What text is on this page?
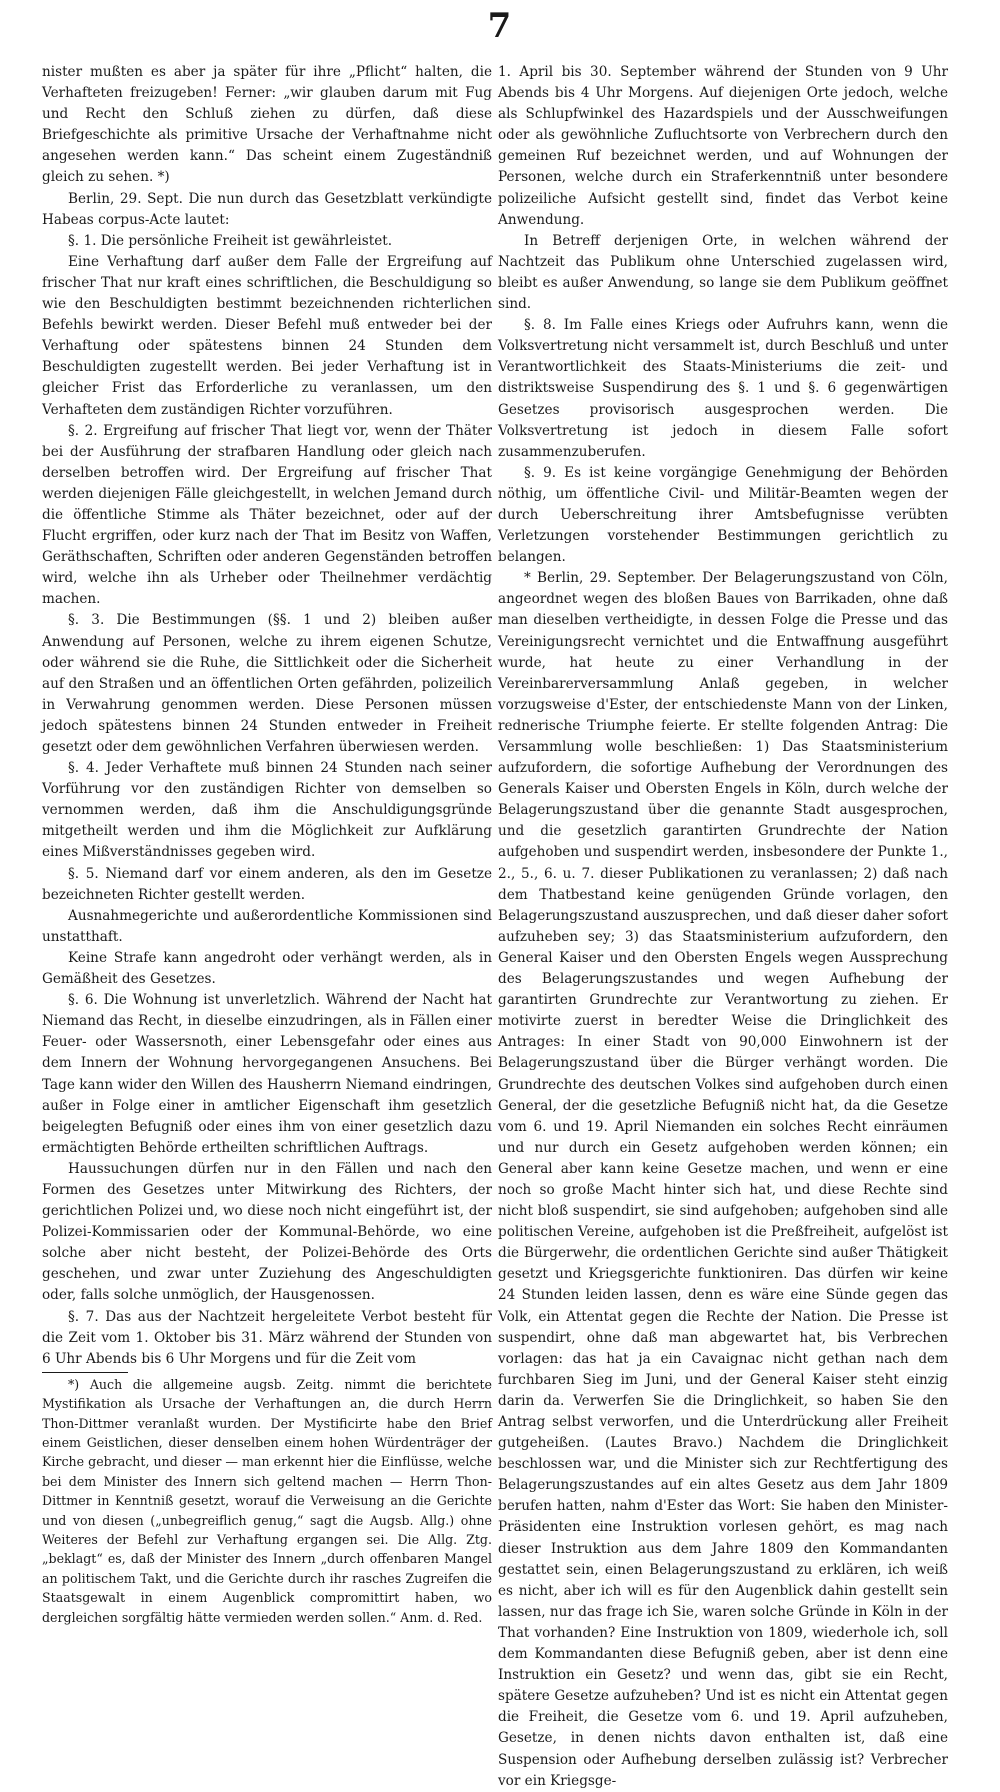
7

nister mußten es aber ja später für ihre „Pflicht“ halten, die Verhafteten freizugeben! Ferner: „wir glauben darum mit Fug und Recht den Schluß ziehen zu dürfen, daß diese Briefgeschichte als primitive Ursache der Verhaftnahme nicht angesehen werden kann.“ Das scheint einem Zugeständniß gleich zu sehen. *)

Berlin, 29. Sept. Die nun durch das Gesetzblatt verkündigte Habeas corpus-Acte lautet:

§. 1. Die persönliche Freiheit ist gewährleistet.

Eine Verhaftung darf außer dem Falle der Ergreifung auf frischer That nur kraft eines schriftlichen, die Beschuldigung so wie den Beschuldigten bestimmt bezeichnenden richterlichen Befehls bewirkt werden. Dieser Befehl muß entweder bei der Verhaftung oder spätestens binnen 24 Stunden dem Beschuldigten zugestellt werden. Bei jeder Verhaftung ist in gleicher Frist das Erforderliche zu veranlassen, um den Verhafteten dem zuständigen Richter vorzuführen.

§. 2. Ergreifung auf frischer That liegt vor, wenn der Thäter bei der Ausführung der strafbaren Handlung oder gleich nach derselben betroffen wird. Der Ergreifung auf frischer That werden diejenigen Fälle gleichgestellt, in welchen Jemand durch die öffentliche Stimme als Thäter bezeichnet, oder auf der Flucht ergriffen, oder kurz nach der That im Besitz von Waffen, Geräthschaften, Schriften oder anderen Gegenständen betroffen wird, welche ihn als Urheber oder Theilnehmer verdächtig machen.

§. 3. Die Bestimmungen (§§. 1 und 2) bleiben außer Anwendung auf Personen, welche zu ihrem eigenen Schutze, oder während sie die Ruhe, die Sittlichkeit oder die Sicherheit auf den Straßen und an öffentlichen Orten gefährden, polizeilich in Verwahrung genommen werden. Diese Personen müssen jedoch spätestens binnen 24 Stunden entweder in Freiheit gesetzt oder dem gewöhnlichen Verfahren überwiesen werden.

§. 4. Jeder Verhaftete muß binnen 24 Stunden nach seiner Vorführung vor den zuständigen Richter von demselben so vernommen werden, daß ihm die Anschuldigungsgründe mitgetheilt werden und ihm die Möglichkeit zur Aufklärung eines Mißverständnisses gegeben wird.

§. 5. Niemand darf vor einem anderen, als den im Gesetze bezeichneten Richter gestellt werden.

Ausnahmegerichte und außerordentliche Kommissionen sind unstatthaft.

Keine Strafe kann angedroht oder verhängt werden, als in Gemäßheit des Gesetzes.

§. 6. Die Wohnung ist unverletzlich. Während der Nacht hat Niemand das Recht, in dieselbe einzudringen, als in Fällen einer Feuer- oder Wassersnoth, einer Lebensgefahr oder eines aus dem Innern der Wohnung hervorgegangenen Ansuchens. Bei Tage kann wider den Willen des Hausherrn Niemand eindringen, außer in Folge einer in amtlicher Eigenschaft ihm gesetzlich beigelegten Befugniß oder eines ihm von einer gesetzlich dazu ermächtigten Behörde ertheilten schriftlichen Auftrags.

Haussuchungen dürfen nur in den Fällen und nach den Formen des Gesetzes unter Mitwirkung des Richters, der gerichtlichen Polizei und, wo diese noch nicht eingeführt ist, der Polizei-Kommissarien oder der Kommunal-Behörde, wo eine solche aber nicht besteht, der Polizei-Behörde des Orts geschehen, und zwar unter Zuziehung des Angeschuldigten oder, falls solche unmöglich, der Hausgenossen.

§. 7. Das aus der Nachtzeit hergeleitete Verbot besteht für die Zeit vom 1. Oktober bis 31. März während der Stunden von 6 Uhr Abends bis 6 Uhr Morgens und für die Zeit vom

*) Auch die allgemeine augsb. Zeitg. nimmt die berichtete Mystifikation als Ursache der Verhaftungen an, die durch Herrn Thon-Dittmer veranlaßt wurden. Der Mystificirte habe den Brief einem Geistlichen, dieser denselben einem hohen Würdenträger der Kirche gebracht, und dieser — man erkennt hier die Einflüsse, welche bei dem Minister des Innern sich geltend machen — Herrn Thon-Dittmer in Kenntniß gesetzt, worauf die Verweisung an die Gerichte und von diesen („unbegreiflich genug,“ sagt die Augsb. Allg.) ohne Weiteres der Befehl zur Verhaftung ergangen sei. Die Allg. Ztg. „beklagt“ es, daß der Minister des Innern „durch offenbaren Mangel an politischem Takt, und die Gerichte durch ihr rasches Zugreifen die Staatsgewalt in einem Augenblick compromittirt haben, wo dergleichen sorgfältig hätte vermieden werden sollen.“ Anm. d. Red.

1. April bis 30. September während der Stunden von 9 Uhr Abends bis 4 Uhr Morgens. Auf diejenigen Orte jedoch, welche als Schlupfwinkel des Hazardspiels und der Ausschweifungen oder als gewöhnliche Zufluchtsorte von Verbrechern durch den gemeinen Ruf bezeichnet werden, und auf Wohnungen der Personen, welche durch ein Straferkenntniß unter besondere polizeiliche Aufsicht gestellt sind, findet das Verbot keine Anwendung.

In Betreff derjenigen Orte, in welchen während der Nachtzeit das Publikum ohne Unterschied zugelassen wird, bleibt es außer Anwendung, so lange sie dem Publikum geöffnet sind.

§. 8. Im Falle eines Kriegs oder Aufruhrs kann, wenn die Volksvertretung nicht versammelt ist, durch Beschluß und unter Verantwortlichkeit des Staats-Ministeriums die zeit- und distriktsweise Suspendirung des §. 1 und §. 6 gegenwärtigen Gesetzes provisorisch ausgesprochen werden. Die Volksvertretung ist jedoch in diesem Falle sofort zusammenzuberufen.

§. 9. Es ist keine vorgängige Genehmigung der Behörden nöthig, um öffentliche Civil- und Militär-Beamten wegen der durch Ueberschreitung ihrer Amtsbefugnisse verübten Verletzungen vorstehender Bestimmungen gerichtlich zu belangen.

* Berlin, 29. September. Der Belagerungszustand von Cöln, angeordnet wegen des bloßen Baues von Barrikaden, ohne daß man dieselben vertheidigte, in dessen Folge die Presse und das Vereinigungsrecht vernichtet und die Entwaffnung ausgeführt wurde, hat heute zu einer Verhandlung in der Vereinbarerversammlung Anlaß gegeben, in welcher vorzugsweise d'Ester, der entschiedenste Mann von der Linken, rednerische Triumphe feierte. Er stellte folgenden Antrag: Die Versammlung wolle beschließen: 1) Das Staatsministerium aufzufordern, die sofortige Aufhebung der Verordnungen des Generals Kaiser und Obersten Engels in Köln, durch welche der Belagerungszustand über die genannte Stadt ausgesprochen, und die gesetzlich garantirten Grundrechte der Nation aufgehoben und suspendirt werden, insbesondere der Punkte 1., 2., 5., 6. u. 7. dieser Publikationen zu veranlassen; 2) daß nach dem Thatbestand keine genügenden Gründe vorlagen, den Belagerungszustand auszusprechen, und daß dieser daher sofort aufzuheben sey; 3) das Staatsministerium aufzufordern, den General Kaiser und den Obersten Engels wegen Aussprechung des Belagerungszustandes und wegen Aufhebung der garantirten Grundrechte zur Verantwortung zu ziehen. Er motivirte zuerst in beredter Weise die Dringlichkeit des Antrages: In einer Stadt von 90,000 Einwohnern ist der Belagerungszustand über die Bürger verhängt worden. Die Grundrechte des deutschen Volkes sind aufgehoben durch einen General, der die gesetzliche Befugniß nicht hat, da die Gesetze vom 6. und 19. April Niemanden ein solches Recht einräumen und nur durch ein Gesetz aufgehoben werden können; ein General aber kann keine Gesetze machen, und wenn er eine noch so große Macht hinter sich hat, und diese Rechte sind nicht bloß suspendirt, sie sind aufgehoben; aufgehoben sind alle politischen Vereine, aufgehoben ist die Preßfreiheit, aufgelöst ist die Bürgerwehr, die ordentlichen Gerichte sind außer Thätigkeit gesetzt und Kriegsgerichte funktioniren. Das dürfen wir keine 24 Stunden leiden lassen, denn es wäre eine Sünde gegen das Volk, ein Attentat gegen die Rechte der Nation. Die Presse ist suspendirt, ohne daß man abgewartet hat, bis Verbrechen vorlagen: das hat ja ein Cavaignac nicht gethan nach dem furchbaren Sieg im Juni, und der General Kaiser steht einzig darin da. Verwerfen Sie die Dringlichkeit, so haben Sie den Antrag selbst verworfen, und die Unterdrückung aller Freiheit gutgeheißen. (Lautes Bravo.) Nachdem die Dringlichkeit beschlossen war, und die Minister sich zur Rechtfertigung des Belagerungszustandes auf ein altes Gesetz aus dem Jahr 1809 berufen hatten, nahm d'Ester das Wort: Sie haben den Minister-Präsidenten eine Instruktion vorlesen gehört, es mag nach dieser Instruktion aus dem Jahre 1809 den Kommandanten gestattet sein, einen Belagerungszustand zu erklären, ich weiß es nicht, aber ich will es für den Augenblick dahin gestellt sein lassen, nur das frage ich Sie, waren solche Gründe in Köln in der That vorhanden? Eine Instruktion von 1809, wiederhole ich, soll dem Kommandanten diese Befugniß geben, aber ist denn eine Instruktion ein Gesetz? und wenn das, gibt sie ein Recht, spätere Gesetze aufzuheben? Und ist es nicht ein Attentat gegen die Freiheit, die Gesetze vom 6. und 19. April aufzuheben, Gesetze, in denen nichts davon enthalten ist, daß eine Suspension oder Aufhebung derselben zulässig ist? Verbrecher vor ein Kriegsge-
